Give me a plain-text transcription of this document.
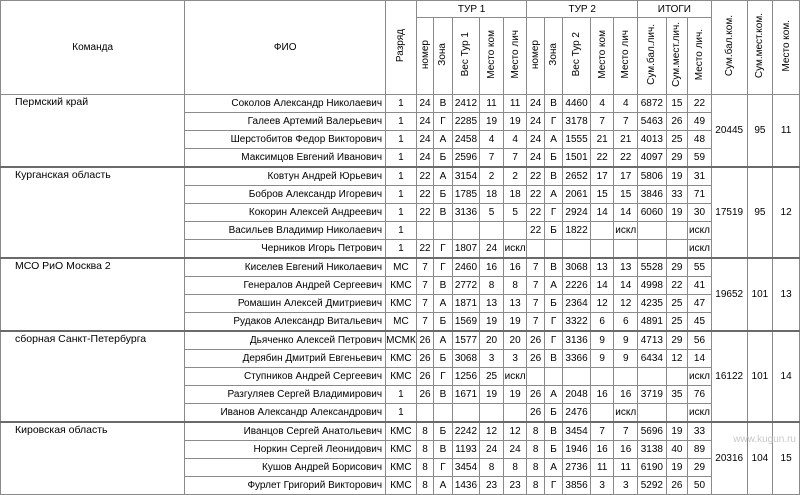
Команда	ФИО	Разряд	ТУР 1					ТУР 2					ИТОГИ			Сум.бал.ком.	Сум.мест.ком.	Место ком.
			номер	Зона	Вес Тур 1	Место ком	Место лич	номер	Зона	Вес Тур 2	Место ком	Место лич	Сум.бал.лич.	Сум.мест.лич.	Место лич.			
Пермский край	Соколов Александр Николаевич	1	24	В	2412	11	11	24	В	4460	4	4	6872	15	22	20445	95	11
	Галеев Артемий Валерьевич	1	24	Г	2285	19	19	24	Г	3178	7	7	5463	26	49			
	Шерстобитов Федор Викторович	1	24	А	2458	4	4	24	А	1555	21	21	4013	25	48			
	Максимцов Евгений Иванович	1	24	Б	2596	7	7	24	Б	1501	22	22	4097	29	59			
Курганская область	Ковтун Андрей Юрьевич	1	22	А	3154	2	2	22	В	2652	17	17	5806	19	31	17519	95	12
	Бобров Александр Игоревич	1	22	Б	1785	18	18	22	А	2061	15	15	3846	33	71			
	Кокорин Алексей Андреевич	1	22	В	3136	5	5	22	Г	2924	14	14	6060	19	30			
	Васильев Владимир Николаевич	1						22	Б	1822		искл			искл			
	Черников Игорь Петрович	1	22	Г	1807	24	искл								искл			
МСО РиО Москва 2	Киселев Евгений Николаевич	МС	7	Г	2460	16	16	7	В	3068	13	13	5528	29	55	19652	101	13
	Генералов Андрей Сергеевич	КМС	7	В	2772	8	8	7	А	2226	14	14	4998	22	41			
	Ромашин Алексей Дмитриевич	КМС	7	А	1871	13	13	7	Б	2364	12	12	4235	25	47			
	Рудаков Александр Витальевич	МС	7	Б	1569	19	19	7	Г	3322	6	6	4891	25	45			
сборная Санкт-Петербурга	Дьяченко Алексей Петрович	МСМК	26	А	1577	20	20	26	Г	3136	9	9	4713	29	56	16122	101	14
	Дерябин Дмитрий Евгеньевич	КМС	26	Б	3068	3	3	26	В	3366	9	9	6434	12	14			
	Ступников Андрей Сергеевич	КМС	26	Г	1256	25	искл								искл			
	Разгуляев Сергей Владимирович	1	26	В	1671	19	19	26	А	2048	16	16	3719	35	76			
	Иванов Александр Александрович	1						26	Б	2476		искл			искл			
Кировская область	Иванцов Сергей Анатольевич	КМС	8	Б	2242	12	12	8	В	3454	7	7	5696	19	33	20316	104	15
	Норкин Сергей Леонидович	КМС	8	В	1193	24	24	8	Б	1946	16	16	3138	40	89			
	Кушов Андрей Борисович	КМС	8	Г	3454	8	8	8	А	2736	11	11	6190	19	29			
	Фурлет Григорий Викторович	КМС	8	А	1436	23	23	8	Г	3856	3	3	5292	26	50			
www.kugun.ru
